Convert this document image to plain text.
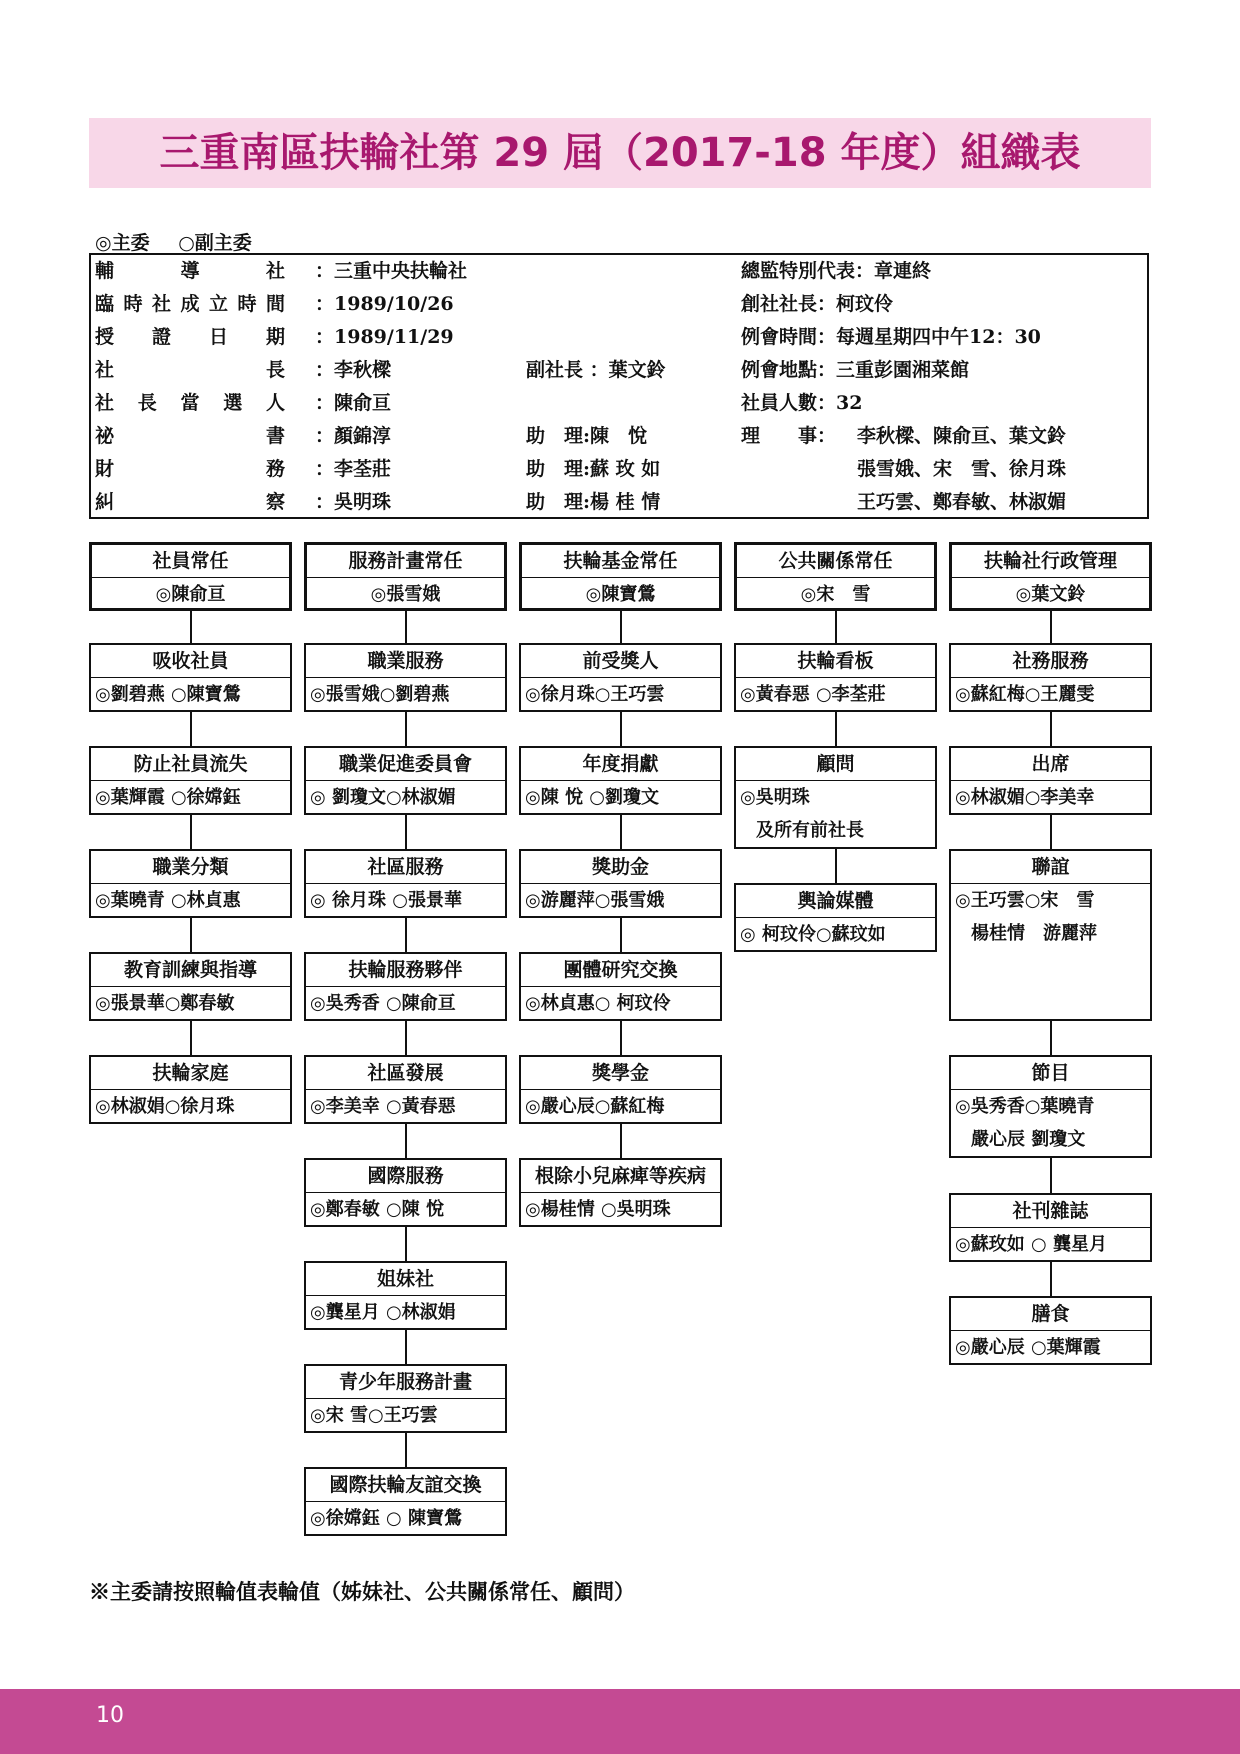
三重南區扶輪社第 29 屆（2017-18 年度）組織表
◎主委 ○副主委
輔導社 ：三重中央扶輪社
臨時社成立時間 ：1989/10/26
授證日期 ：1989/11/29
社長 ：李秋樑
社長當選人 ：陳俞亘
祕書 ：顏錦淳
財務 ：李荃莊
糾察 ：吳明珠
副社長 ：葉文鈴
助　理:陳　悅
助　理:蘇 玫 如
助　理:楊 桂 情
總監特別代表：章連終
創社社長：柯玟伶
例會時間：每週星期四中午12：30
例會地點：三重彭園湘菜館
社員人數：32
理　　事： 李秋樑、陳俞亘、葉文鈴
張雪娥、宋　雪、徐月珠
王巧雲、鄭春敏、林淑媚
社員常任
◎陳俞亘
吸收社員
◎劉碧燕 ○陳寶鶯
防止社員流失
◎葉輝霞 ○徐嫦鈺
職業分類
◎葉曉青 ○林貞惠
教育訓練與指導
◎張景華○鄭春敏
扶輪家庭
◎林淑娟○徐月珠
服務計畫常任
◎張雪娥
職業服務
◎張雪娥○劉碧燕
職業促進委員會
◎ 劉瓊文○林淑媚
社區服務
◎ 徐月珠 ○張景華
扶輪服務夥伴
◎吳秀香 ○陳俞亘
社區發展
◎李美幸 ○黃春惡
國際服務
◎鄭春敏 ○陳 悅
姐妹社
◎龔星月 ○林淑娟
青少年服務計畫
◎宋 雪○王巧雲
國際扶輪友誼交換
◎徐嫦鈺 ○ 陳寶鶯
扶輪基金常任
◎陳寶鶯
前受獎人
◎徐月珠○王巧雲
年度捐獻
◎陳 悅 ○劉瓊文
獎助金
◎游麗萍○張雪娥
團體研究交換
◎林貞惠○ 柯玟伶
獎學金
◎嚴心辰○蘇紅梅
根除小兒麻痺等疾病
◎楊桂情 ○吳明珠
公共關係常任
◎宋　雪
扶輪看板
◎黃春惡 ○李荃莊
顧問
◎吳明珠
及所有前社長
輿論媒體
◎ 柯玟伶○蘇玟如
扶輪社行政管理
◎葉文鈴
社務服務
◎蘇紅梅○王麗雯
出席
◎林淑媚○李美幸
聯誼
◎王巧雲○宋　雪
楊桂情　游麗萍
節目
◎吳秀香○葉曉青
嚴心辰 劉瓊文
社刊雜誌
◎蘇玫如 ○ 龔星月
膳食
◎嚴心辰 ○葉輝霞
※主委請按照輪值表輪值（姊妹社、公共關係常任、顧問）
10
